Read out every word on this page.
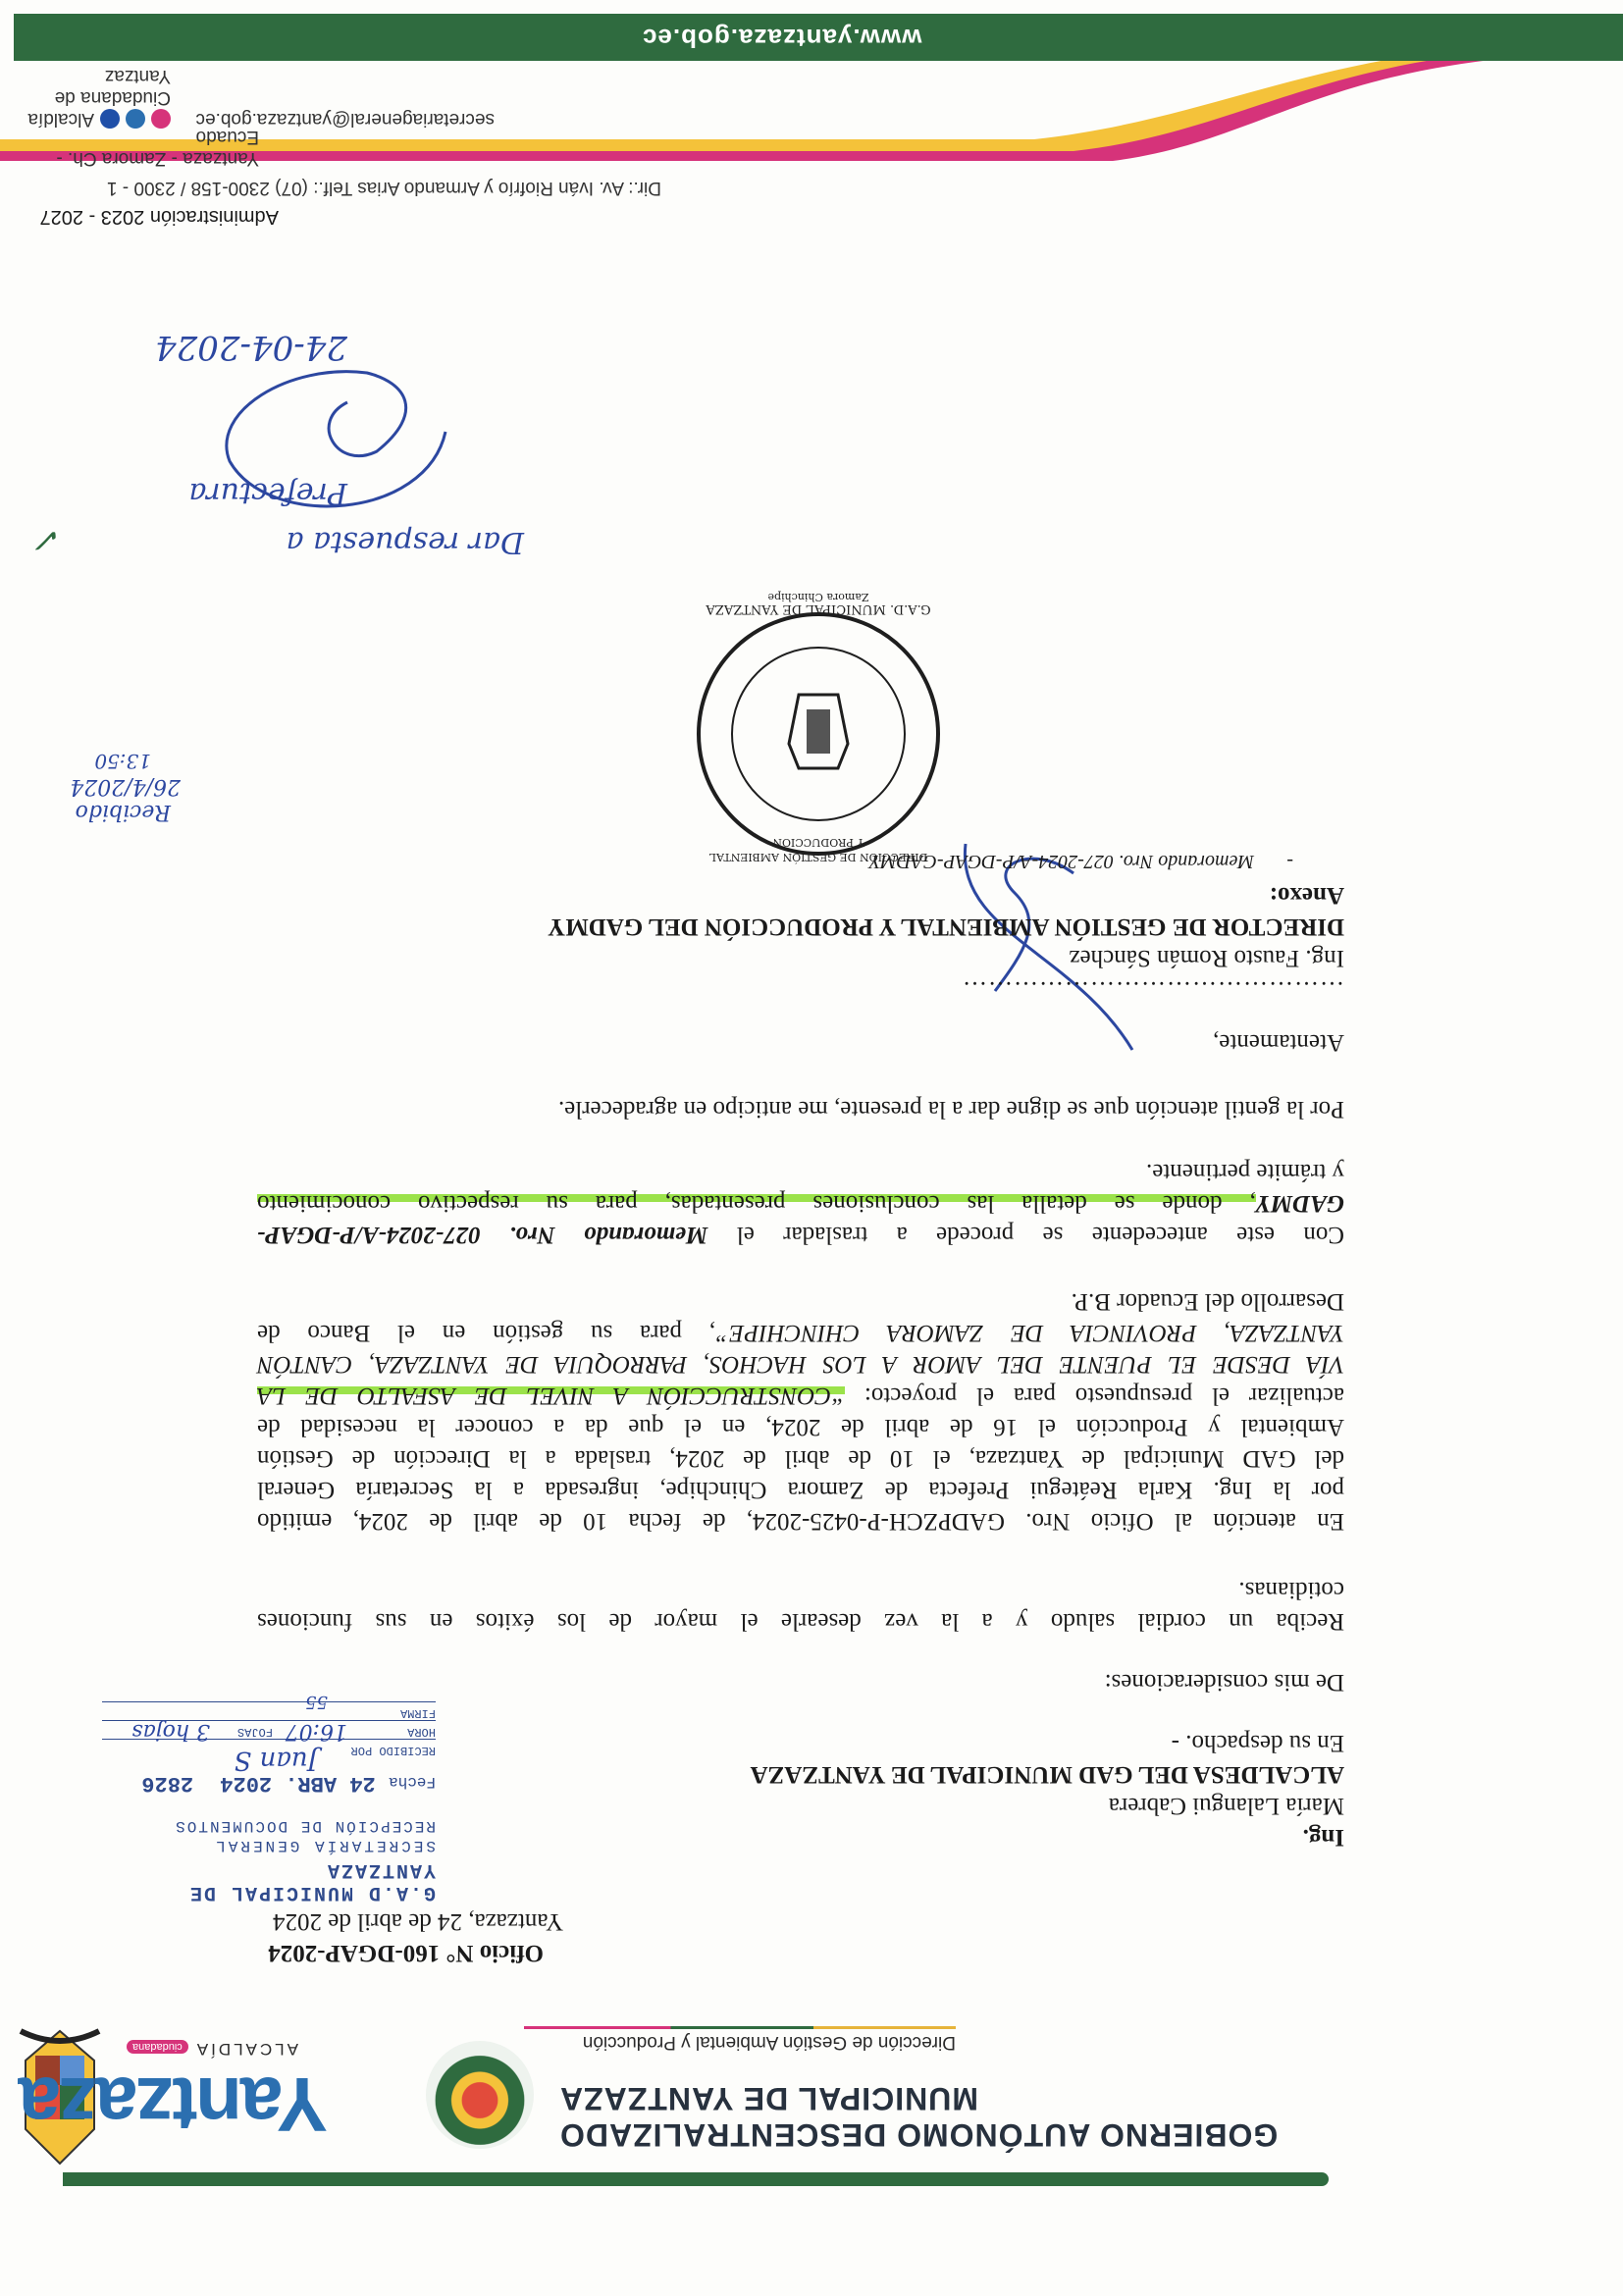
Yantzaza
ALCALDÍAciudadana
GOBIERNO AUTÓNOMO DESCENTRALIZADO
MUNICIPAL DE YANTZAZA
Dirección de Gestión Ambiental y Producción
Oficio N° 160-DGAP-2024
Yantzaza, 24 de abril de 2024
G.A.D MUNICIPAL DE YANTZAZA
SECRETARÍA GENERAL
RECEPCIÓN DE DOCUMENTOS
Fecha 24 ABR. 2024 2826
RECIBIDO POR
Juan S
HORA
16:07
FOJAS
3 hojas
FIRMA
55
Ing.
María Lalangui Cabrera
ALCALDESA DEL GAD MUNICIPAL DE YANTZAZA
En su despacho. -
De mis consideraciones:
Reciba un cordial saludo y a la vez desearle el mayor de los éxitos en sus funciones
cotidianas.
En atención al Oficio Nro. GADPZCH-P-0425-2024, de fecha 10 de abril de 2024, emitido
por la Ing. Karla Reátegui Prefecta de Zamora Chinchipe, ingresada a la Secretaría General
del GAD Municipal de Yantzaza, el 10 de abril de 2024, traslada a la Dirección de Gestión
Ambiental y Producción el 16 de abril de 2024, en el que da a conocer la necesidad de
actualizar el presupuesto para el proyecto: “CONSTRUCCIÓN A NIVEL DE ASFALTO DE LA
VÍA DESDE EL PUENTE DEL AMOR A LOS HACHOS, PARROQUIA DE YANTZAZA, CANTÓN
YANTZAZA, PROVINCIA DE ZAMORA CHINCHIPE”, para su gestión en el Banco de
Desarrollo del Ecuador B.P.
Con este antecedente se procede a trasladar el Memorando Nro. 027-2024-A/P-DGAP-
GADMY, donde se detalla las conclusiones presentadas, para su respectivo conocimiento
y trámite pertinente.
Por la gentil atención que se digne dar a la presente, me anticipo en agradecerle.
Atentamente,
G.A.D. MUNICIPAL DE YANTZAZA
DIRECCIÓN DE GESTIÓN AMBIENTAL
Y PRODUCCIÓN
Zamora Chinchipe
………………………………………
Ing. Fausto Román Sánchez
DIRECTOR DE GESTIÓN AMBIENTAL Y PRODUCCIÓN DEL GADMY
Anexo:
-
Memorando Nro. 027-2024-A/P-DGAP-GADMY
Recibido
26/4/2024
13:50
Dar respuesta a
Prefectura
24-04-2024
✓
Administración 2023 - 2027
Dir.: Av. Iván Riofrío y Armando Arias Telf.: (07) 2300-158 / 2300 - 1
Yantzaza - Zamora Ch. - Ecuado
secretariageneral@yantzaza.gob.ec
Alcaldía Ciudadana de Yantzaz
www.yantzaza.gob.ec
